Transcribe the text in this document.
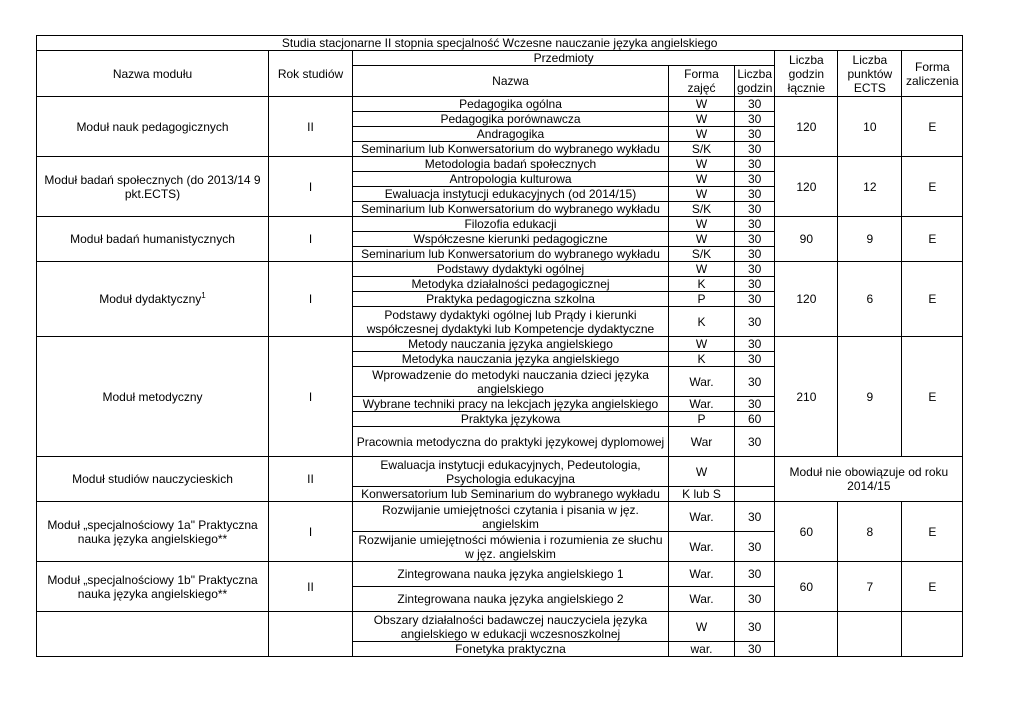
Studia stacjonarne II stopnia specjalność Wczesne nauczanie języka angielskiego							
Nazwa modułu	Rok studiów	Przedmioty			Liczba godzin łącznie	Liczba punktów ECTS	Forma zaliczenia
		Nazwa	Forma zajęć	Liczba godzin			
Moduł nauk pedagogicznych	II	Pedagogika ogólna	W	30	120	10	E
		Pedagogika porównawcza	W	30			
		Andragogika	W	30			
		Seminarium lub Konwersatorium do wybranego wykładu	S/K	30			
Moduł badań społecznych (do 2013/14 9 pkt.ECTS)	I	Metodologia badań społecznych	W	30	120	12	E
		Antropologia kulturowa	W	30			
		Ewaluacja instytucji edukacyjnych (od 2014/15)	W	30			
		Seminarium lub Konwersatorium do wybranego wykładu	S/K	30			
Moduł badań humanistycznych	I	Filozofia edukacji	W	30	90	9	E
		Współczesne kierunki pedagogiczne	W	30			
		Seminarium lub Konwersatorium do wybranego wykładu	S/K	30			
Moduł dydaktyczny$^1$	I	Podstawy dydaktyki ogólnej	W	30	120	6	E
		Metodyka działalności pedagogicznej	K	30			
		Praktyka pedagogiczna szkolna	P	30			
		Podstawy dydaktyki ogólnej lub Prądy i kierunki współczesnej dydaktyki lub Kompetencje dydaktyczne	K	30			
Moduł metodyczny	I	Metody nauczania języka angielskiego	W	30	210	9	E
		Metodyka nauczania języka angielskiego	K	30			
		Wprowadzenie do metodyki nauczania dzieci języka angielskiego	War.	30			
		Wybrane techniki pracy na lekcjach języka angielskiego	War.	30			
		Praktyka językowa	P	60			
		Pracownia metodyczna do praktyki językowej dyplomowej	War	30			
Moduł studiów nauczycieskich	II	Ewaluacja instytucji edukacyjnych, Pedeutologia, Psychologia edukacyjna	W		Moduł nie obowiązuje od roku 2014/15		
		Konwersatorium lub Seminarium do wybranego wykładu	K lub S				
Moduł „specjalnościowy 1a" Praktyczna nauka języka angielskiego**	I	Rozwijanie umiejętności czytania i pisania w jęz. angielskim	War.	30	60	8	E
		Rozwijanie umiejętności mówienia i rozumienia ze słuchu w jęz. angielskim	War.	30			
Moduł „specjalnościowy 1b" Praktyczna nauka języka angielskiego**	II	Zintegrowana nauka języka angielskiego 1	War.	30	60	7	E
		Zintegrowana nauka języka angielskiego 2	War.	30			
		Obszary działalności badawczej nauczyciela języka angielskiego w edukacji wczesnoszkolnej	W	30			
		Fonetyka praktyczna	war.	30			
